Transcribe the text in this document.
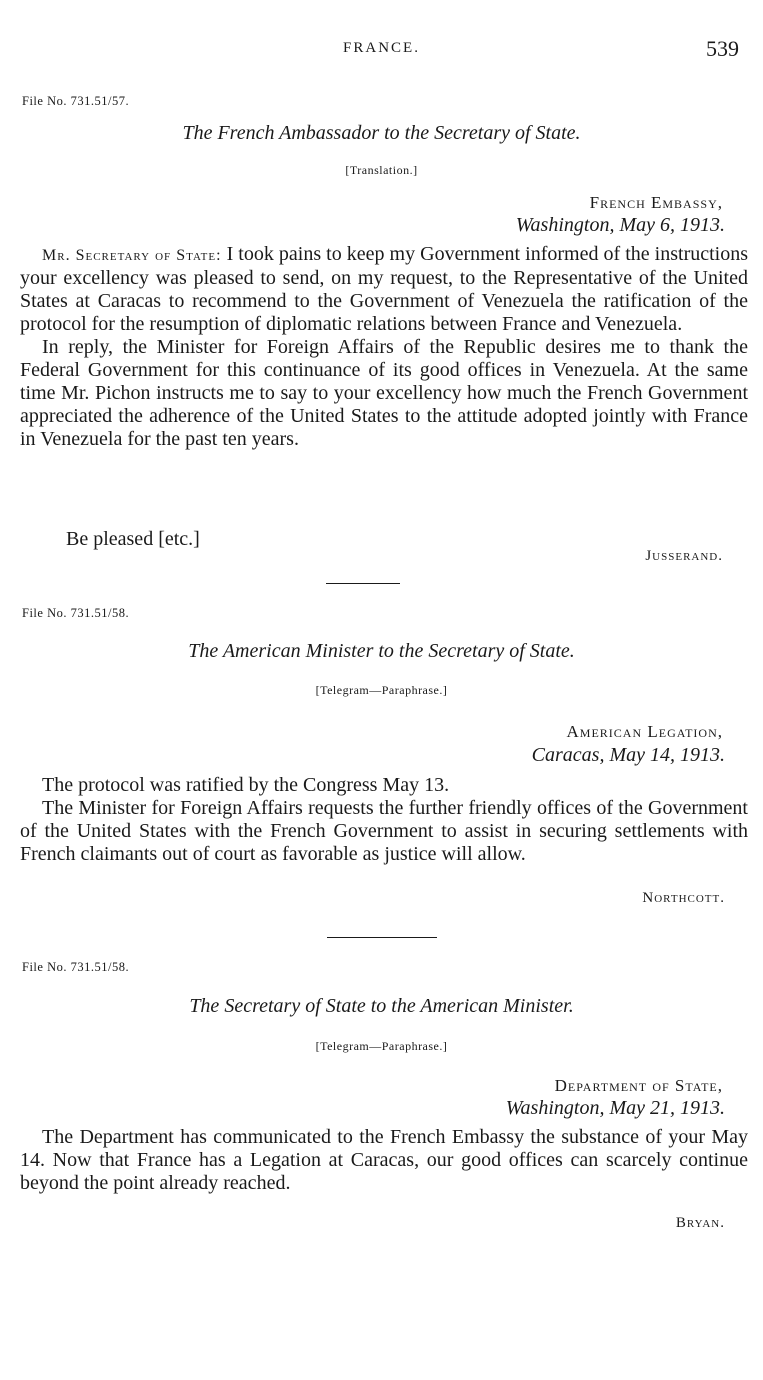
FRANCE.	539
File No. 731.51/57.
The French Ambassador to the Secretary of State.
[Translation.]
French Embassy,
Washington, May 6, 1913.

Mr. Secretary of State: I took pains to keep my Government informed of the instructions your excellency was pleased to send, on my request, to the Representative of the United States at Caracas to recommend to the Government of Venezuela the ratification of the protocol for the resumption of diplomatic relations between France and Venezuela.

In reply, the Minister for Foreign Affairs of the Republic desires me to thank the Federal Government for this continuance of its good offices in Venezuela. At the same time Mr. Pichon instructs me to say to your excellency how much the French Government appreciated the adherence of the United States to the attitude adopted jointly with France in Venezuela for the past ten years.

Be pleased [etc.]
Jusserand.
File No. 731.51/58.
The American Minister to the Secretary of State.
[Telegram—Paraphrase.]
American Legation,
Caracas, May 14, 1913.

The protocol was ratified by the Congress May 13.

The Minister for Foreign Affairs requests the further friendly offices of the Government of the United States with the French Government to assist in securing settlements with French claimants out of court as favorable as justice will allow.

Northcott.
File No. 731.51/58.
The Secretary of State to the American Minister.
[Telegram—Paraphrase.]
Department of State,
Washington, May 21, 1913.

The Department has communicated to the French Embassy the substance of your May 14. Now that France has a Legation at Caracas, our good offices can scarcely continue beyond the point already reached.

Bryan.
